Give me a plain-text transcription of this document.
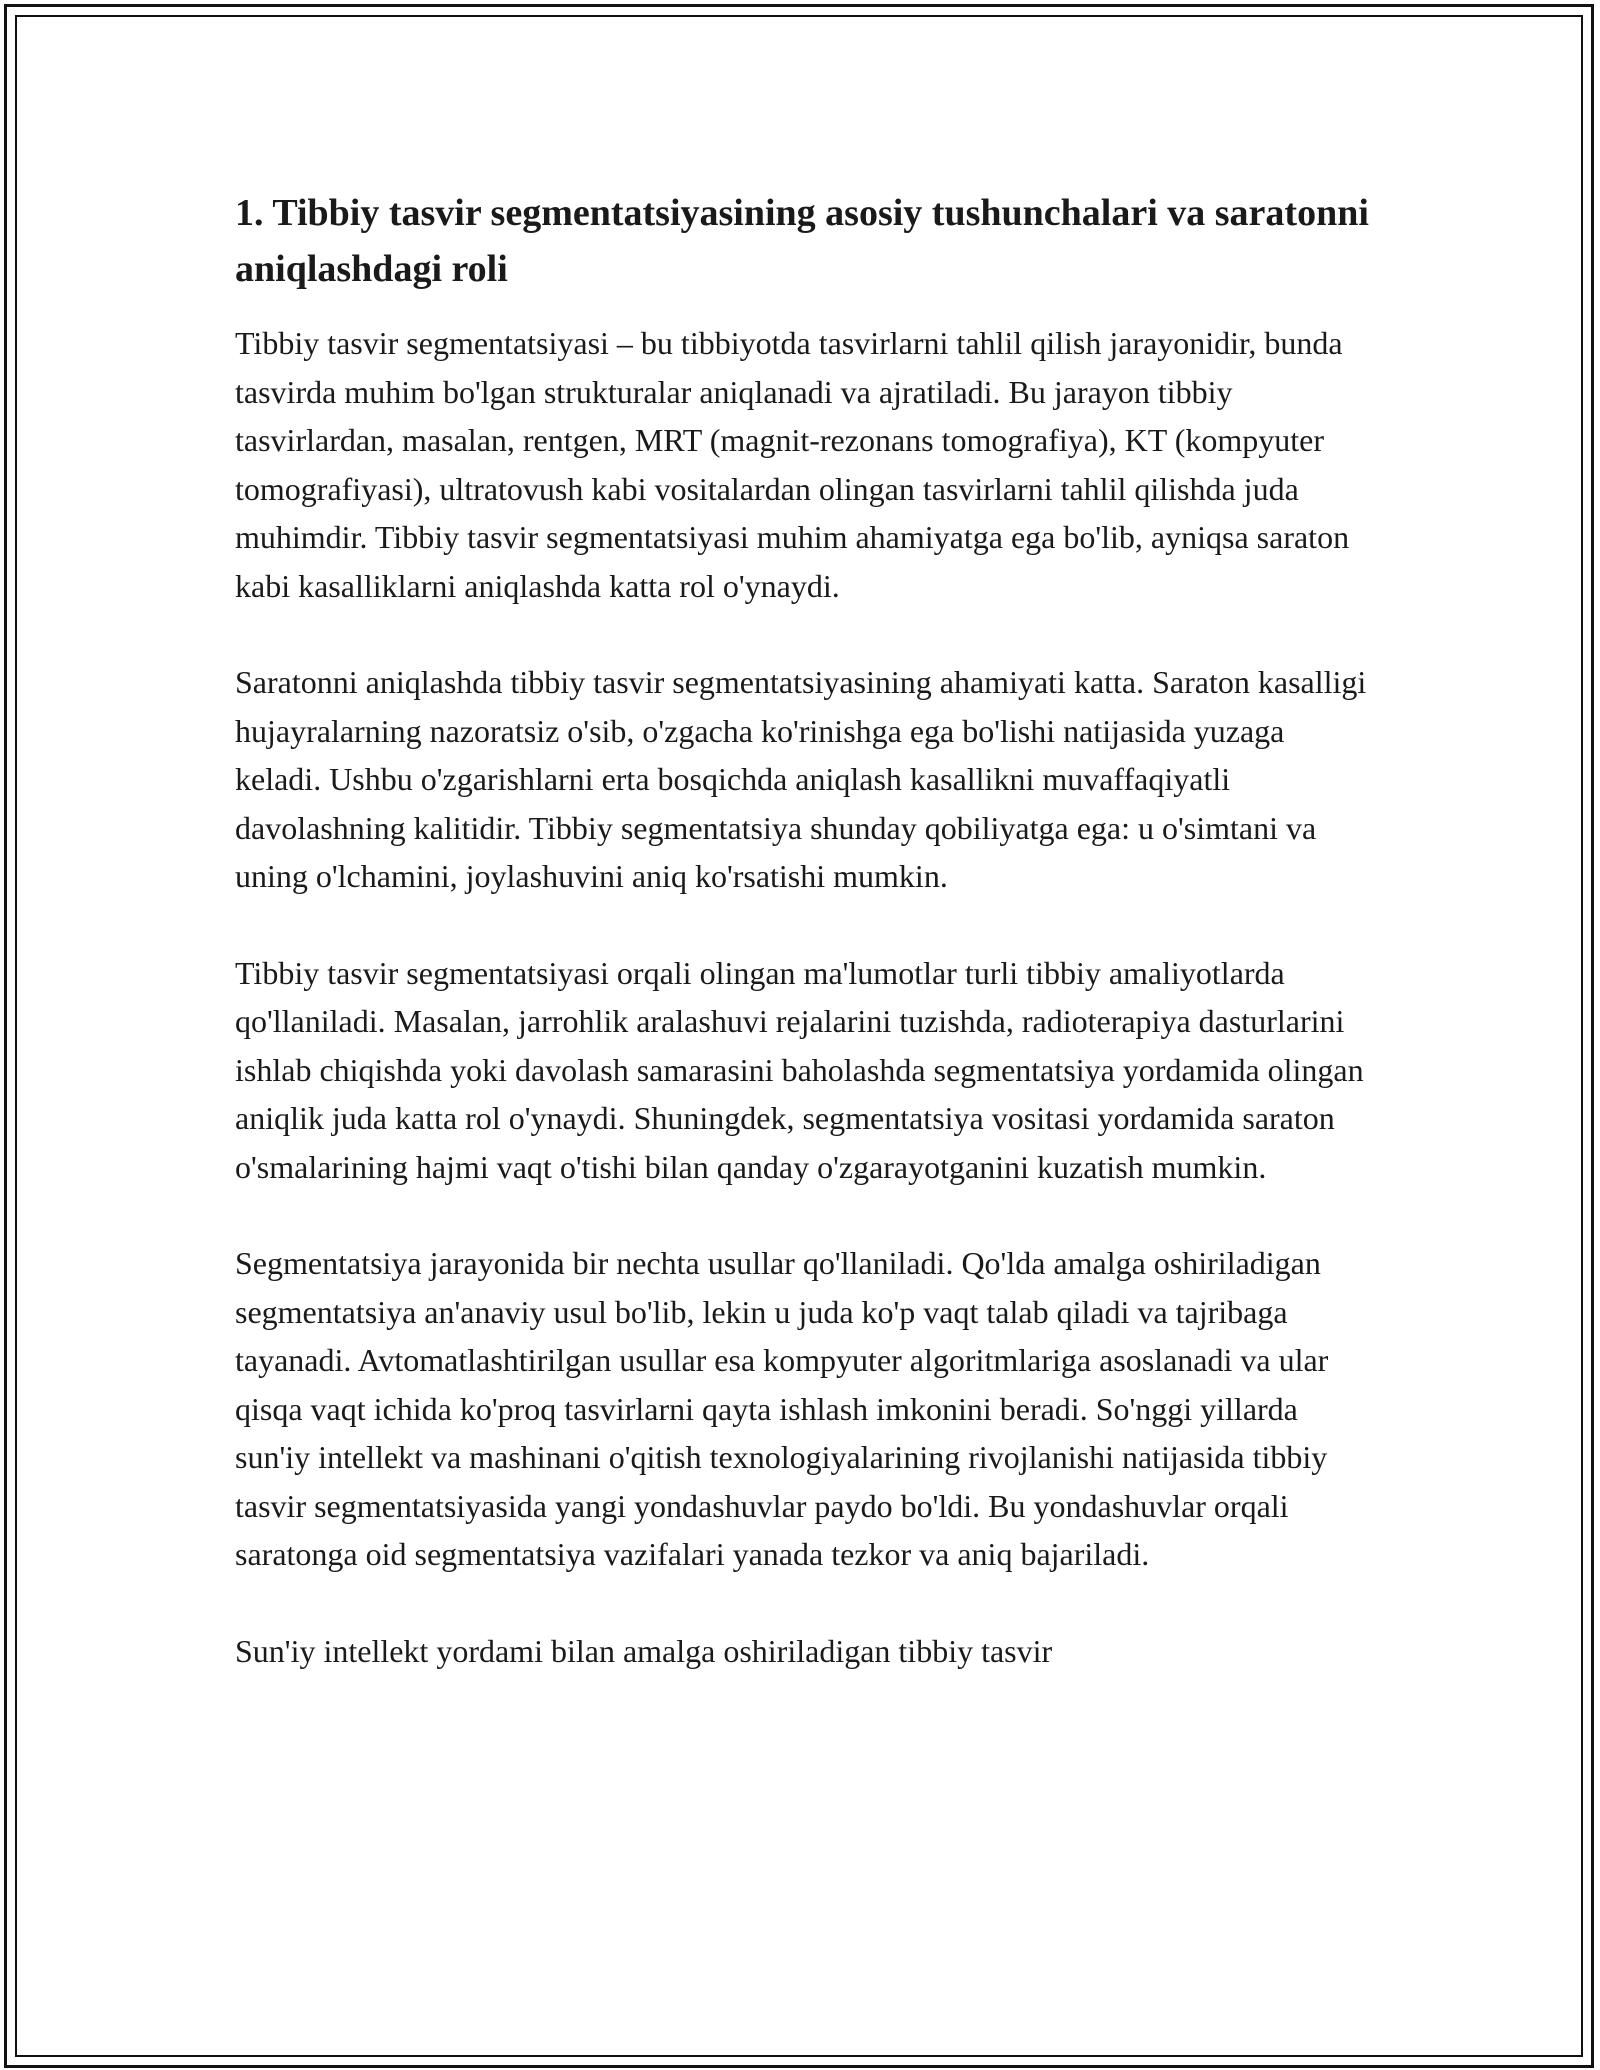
1. Tibbiy tasvir segmentatsiyasining asosiy tushunchalari va saratonni aniqlashdagi roli

Tibbiy tasvir segmentatsiyasi – bu tibbiyotda tasvirlarni tahlil qilish jarayonidir, bunda tasvirda muhim bo'lgan strukturalar aniqlanadi va ajratiladi. Bu jarayon tibbiy tasvirlardan, masalan, rentgen, MRT (magnit-rezonans tomografiya), KT (kompyuter tomografiyasi), ultratovush kabi vositalardan olingan tasvirlarni tahlil qilishda juda muhimdir. Tibbiy tasvir segmentatsiyasi muhim ahamiyatga ega bo'lib, ayniqsa saraton kabi kasalliklarni aniqlashda katta rol o'ynaydi.

Saratonni aniqlashda tibbiy tasvir segmentatsiyasining ahamiyati katta. Saraton kasalligi hujayralarning nazoratsiz o'sib, o'zgacha ko'rinishga ega bo'lishi natijasida yuzaga keladi. Ushbu o'zgarishlarni erta bosqichda aniqlash kasallikni muvaffaqiyatli davolashning kalitidir. Tibbiy segmentatsiya shunday qobiliyatga ega: u o'simtani va uning o'lchamini, joylashuvini aniq ko'rsatishi mumkin.

Tibbiy tasvir segmentatsiyasi orqali olingan ma'lumotlar turli tibbiy amaliyotlarda qo'llaniladi. Masalan, jarrohlik aralashuvi rejalarini tuzishda, radioterapiya dasturlarini ishlab chiqishda yoki davolash samarasini baholashda segmentatsiya yordamida olingan aniqlik juda katta rol o'ynaydi. Shuningdek, segmentatsiya vositasi yordamida saraton o'smalarining hajmi vaqt o'tishi bilan qanday o'zgarayotganini kuzatish mumkin.

Segmentatsiya jarayonida bir nechta usullar qo'llaniladi. Qo'lda amalga oshiriladigan segmentatsiya an'anaviy usul bo'lib, lekin u juda ko'p vaqt talab qiladi va tajribaga tayanadi. Avtomatlashtirilgan usullar esa kompyuter algoritmlariga asoslanadi va ular qisqa vaqt ichida ko'proq tasvirlarni qayta ishlash imkonini beradi. So'nggi yillarda sun'iy intellekt va mashinani o'qitish texnologiyalarining rivojlanishi natijasida tibbiy tasvir segmentatsiyasida yangi yondashuvlar paydo bo'ldi. Bu yondashuvlar orqali saratonga oid segmentatsiya vazifalari yanada tezkor va aniq bajariladi.

Sun'iy intellekt yordami bilan amalga oshiriladigan tibbiy tasvir
